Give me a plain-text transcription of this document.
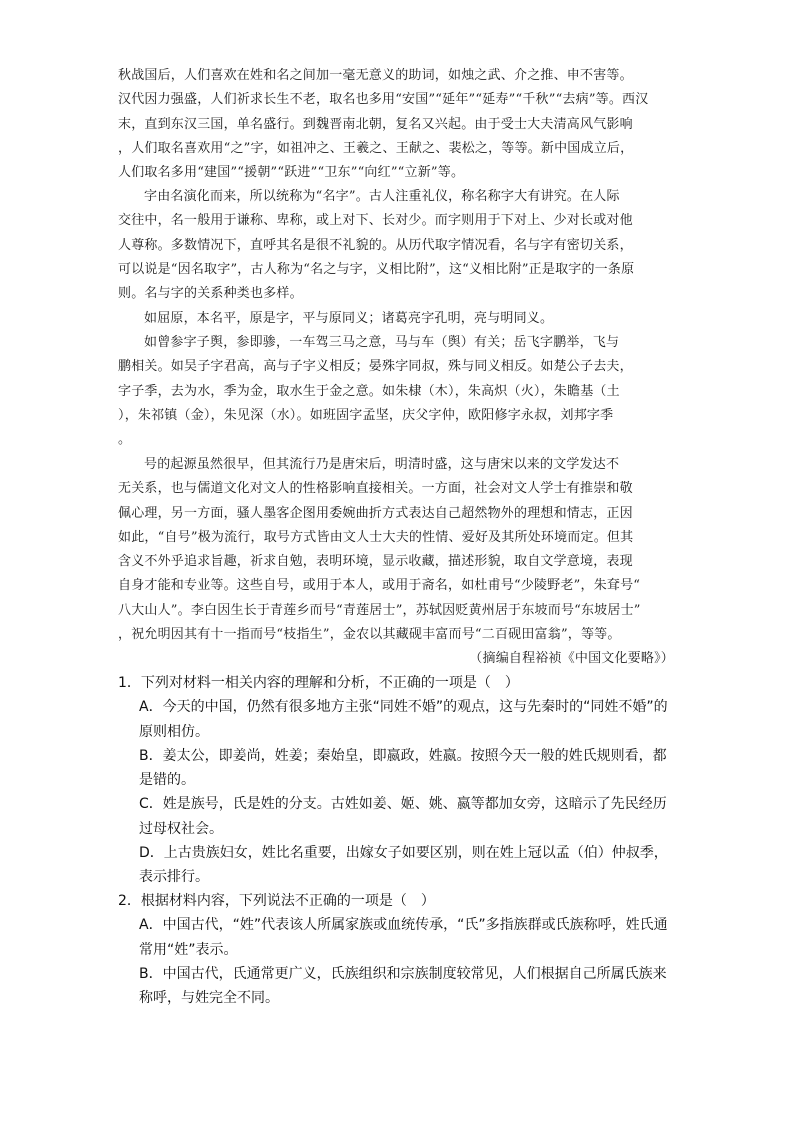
秋战国后，人们喜欢在姓和名之间加一毫无意义的助词，如烛之武、介之推、申不害等。

汉代因力强盛，人们祈求长生不老，取名也多用“安国”“延年”“延寿”“千秋”“去病”等。西汉

末，直到东汉三国，单名盛行。到魏晋南北朝，复名又兴起。由于受士大夫清高风气影响

，人们取名喜欢用“之”字，如祖冲之、王羲之、王献之、裴松之，等等。新中国成立后，

人们取名多用“建国”“援朝”“跃进”“卫东”“向红”“立新”等。

字由名演化而来，所以统称为“名字”。古人注重礼仪，称名称字大有讲究。在人际

交往中，名一般用于谦称、卑称，或上对下、长对少。而字则用于下对上、少对长或对他

人尊称。多数情况下，直呼其名是很不礼貌的。从历代取字情况看，名与字有密切关系，

可以说是“因名取字”，古人称为“名之与字，义相比附”，这“义相比附”正是取字的一条原

则。名与字的关系种类也多样。

如屈原，本名平，原是字，平与原同义；诸葛亮字孔明，亮与明同义。

如曾参字子舆，参即骖，一车驾三马之意，马与车（舆）有关；岳飞字鹏举，飞与

鹏相关。如吴子字君高，高与子字义相反；晏殊字同叔，殊与同义相反。如楚公子去夫，

字子季，去为水，季为金，取水生于金之意。如朱棣（木），朱高炽（火），朱瞻基（土

），朱祁镇（金），朱见深（水）。如班固字孟坚，庆父字仲，欧阳修字永叔，刘邦字季

。

号的起源虽然很早，但其流行乃是唐宋后，明清时盛，这与唐宋以来的文学发达不

无关系，也与儒道文化对文人的性格影响直接相关。一方面，社会对文人学士有推崇和敬

佩心理，另一方面，骚人墨客企图用委婉曲折方式表达自己超然物外的理想和情志，正因

如此，“自号”极为流行，取号方式皆由文人士大夫的性情、爱好及其所处环境而定。但其

含义不外乎追求旨趣，祈求自勉，表明环境，显示收藏，描述形貌，取自文学意境，表现

自身才能和专业等。这些自号，或用于本人，或用于斋名，如杜甫号“少陵野老”，朱耷号“

八大山人”。李白因生长于青莲乡而号“青莲居士”，苏轼因贬黄州居于东坡而号“东坡居士”

，祝允明因其有十一指而号“枝指生”，金农以其藏砚丰富而号“二百砚田富翁”，等等。

（摘编自程裕祯《中国文化要略》）

1．下列对材料一相关内容的理解和分析，不正确的一项是（　）

A．今天的中国，仍然有很多地方主张“同姓不婚”的观点，这与先秦时的“同姓不婚”的

原则相仿。

B．姜太公，即姜尚，姓姜；秦始皇，即嬴政，姓嬴。按照今天一般的姓氏规则看，都

是错的。

C．姓是族号，氏是姓的分支。古姓如姜、姬、姚、嬴等都加女旁，这暗示了先民经历

过母权社会。

D．上古贵族妇女，姓比名重要，出嫁女子如要区别，则在姓上冠以孟（伯）仲叔季，

表示排行。

2．根据材料内容，下列说法不正确的一项是（　）

A．中国古代，“姓”代表该人所属家族或血统传承，“氏”多指族群或氏族称呼，姓氏通

常用“姓”表示。

B．中国古代，氏通常更广义，氏族组织和宗族制度较常见，人们根据自己所属氏族来

称呼，与姓完全不同。
